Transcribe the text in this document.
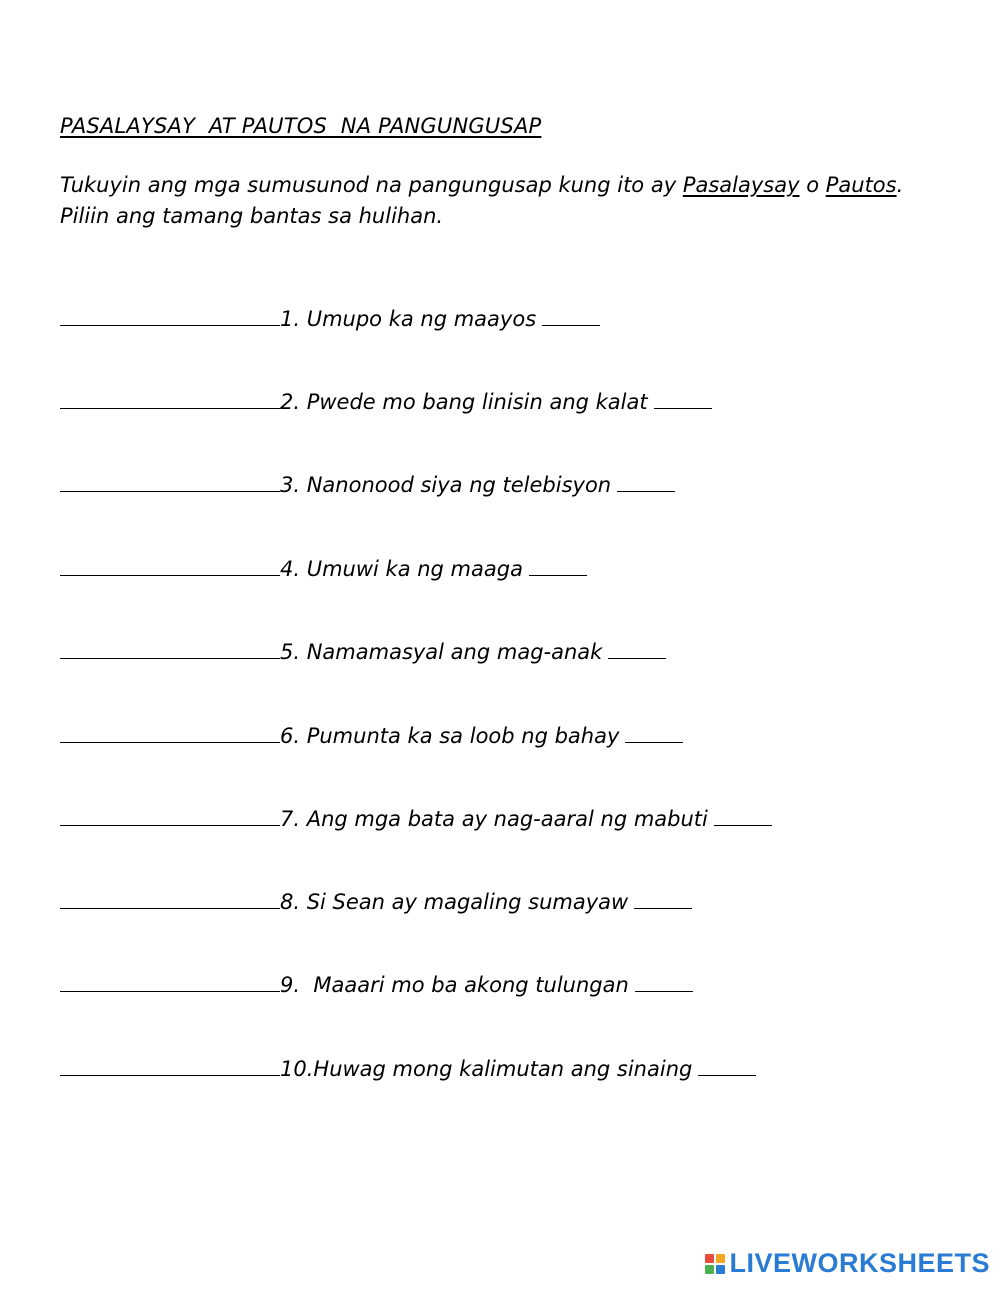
PASALAYSAY  AT PAUTOS  NA PANGUNGUSAP
Tukuyin ang mga sumusunod na pangungusap kung ito ay Pasalaysay o Pautos. Piliin ang tamang bantas sa hulihan.
1. Umupo ka ng maayos
2. Pwede mo bang linisin ang kalat
3. Nanonood siya ng telebisyon
4. Umuwi ka ng maaga
5. Namamasyal ang mag-anak
6. Pumunta ka sa loob ng bahay
7. Ang mga bata ay nag-aaral ng mabuti
8. Si Sean ay magaling sumayaw
9.  Maaari mo ba akong tulungan
10.Huwag mong kalimutan ang sinaing
LIVEWORKSHEETS
